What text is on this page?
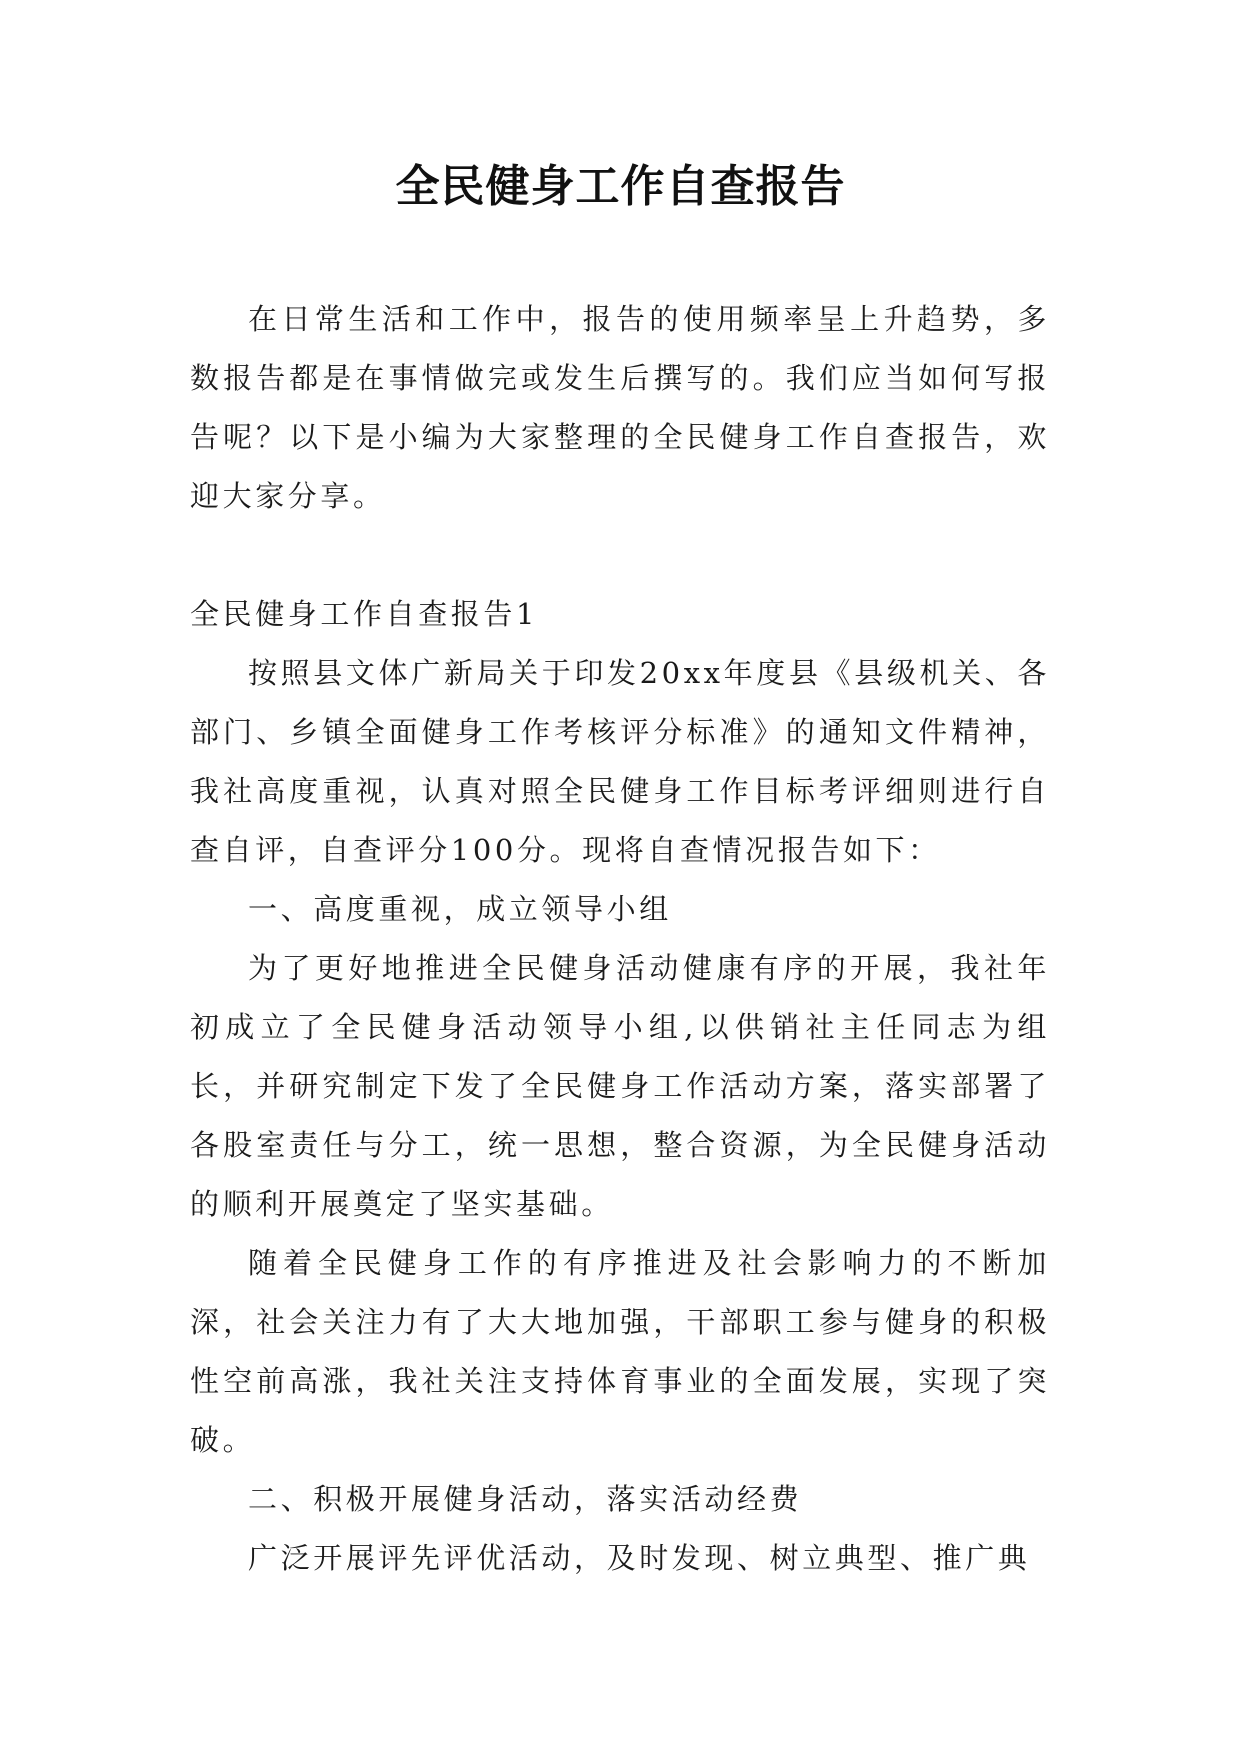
全民健身工作自查报告

在日常生活和工作中，报告的使用频率呈上升趋势，多数报告都是在事情做完或发生后撰写的。我们应当如何写报告呢？以下是小编为大家整理的全民健身工作自查报告，欢迎大家分享。

全民健身工作自查报告1

按照县文体广新局关于印发20xx年度县《县级机关、各部门、乡镇全面健身工作考核评分标准》的通知文件精神，我社高度重视，认真对照全民健身工作目标考评细则进行自查自评，自查评分100分。现将自查情况报告如下：

一、高度重视，成立领导小组

为了更好地推进全民健身活动健康有序的开展，我社年初成立了全民健身活动领导小组,以供销社主任同志为组长，并研究制定下发了全民健身工作活动方案，落实部署了各股室责任与分工，统一思想，整合资源，为全民健身活动的顺利开展奠定了坚实基础。

随着全民健身工作的有序推进及社会影响力的不断加深，社会关注力有了大大地加强，干部职工参与健身的积极性空前高涨，我社关注支持体育事业的全面发展，实现了突破。

二、积极开展健身活动，落实活动经费

广泛开展评先评优活动，及时发现、树立典型、推广典
